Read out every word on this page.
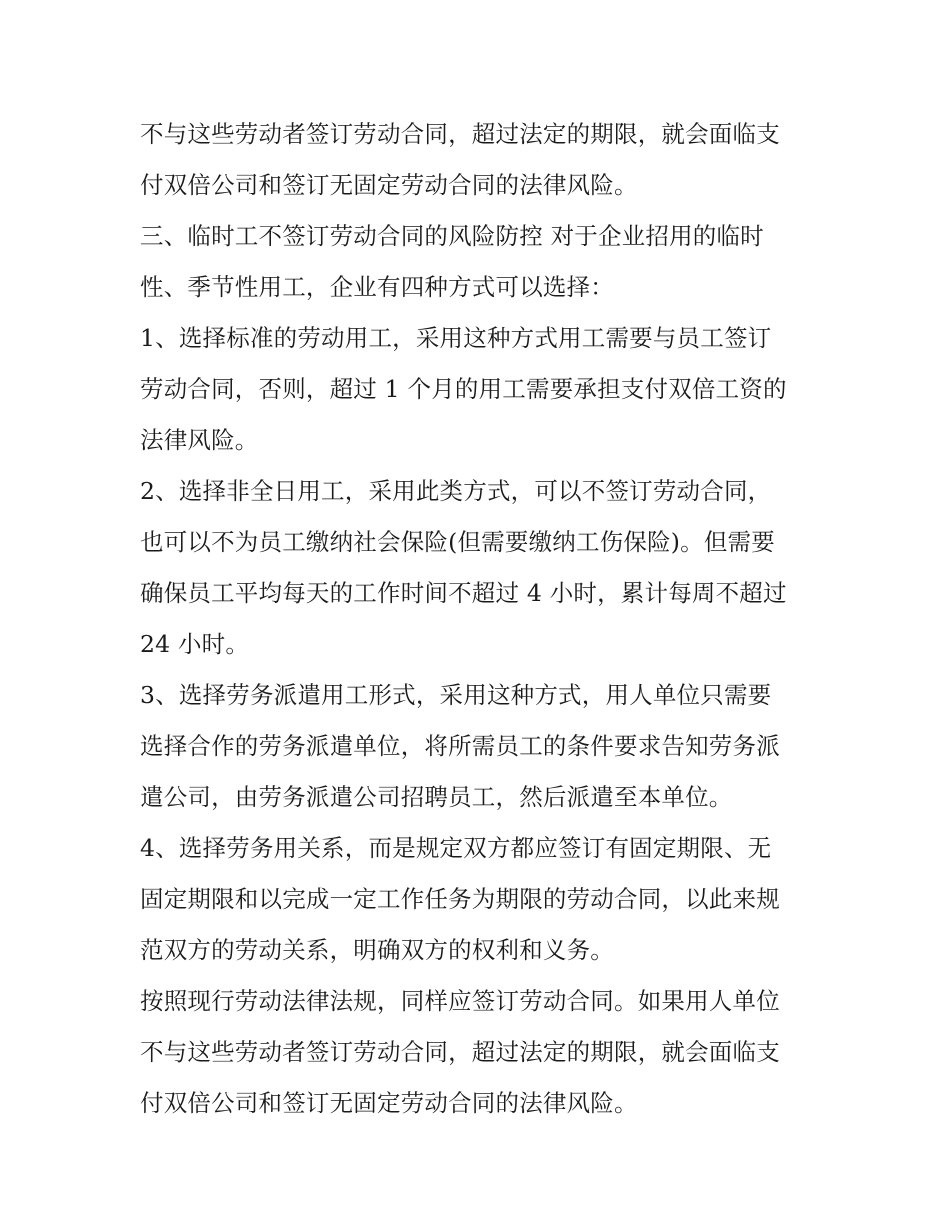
不与这些劳动者签订劳动合同，超过法定的期限，就会面临支
付双倍公司和签订无固定劳动合同的法律风险。
三、临时工不签订劳动合同的风险防控 对于企业招用的临时
性、季节性用工，企业有四种方式可以选择：
1、选择标准的劳动用工，采用这种方式用工需要与员工签订
劳动合同，否则，超过 1 个月的用工需要承担支付双倍工资的
法律风险。
2、选择非全日用工，采用此类方式，可以不签订劳动合同，
也可以不为员工缴纳社会保险(但需要缴纳工伤保险)。但需要
确保员工平均每天的工作时间不超过 4 小时，累计每周不超过
24 小时。
3、选择劳务派遣用工形式，采用这种方式，用人单位只需要
选择合作的劳务派遣单位，将所需员工的条件要求告知劳务派
遣公司，由劳务派遣公司招聘员工，然后派遣至本单位。
4、选择劳务用关系，而是规定双方都应签订有固定期限、无
固定期限和以完成一定工作任务为期限的劳动合同，以此来规
范双方的劳动关系，明确双方的权利和义务。
按照现行劳动法律法规，同样应签订劳动合同。如果用人单位
不与这些劳动者签订劳动合同，超过法定的期限，就会面临支
付双倍公司和签订无固定劳动合同的法律风险。
